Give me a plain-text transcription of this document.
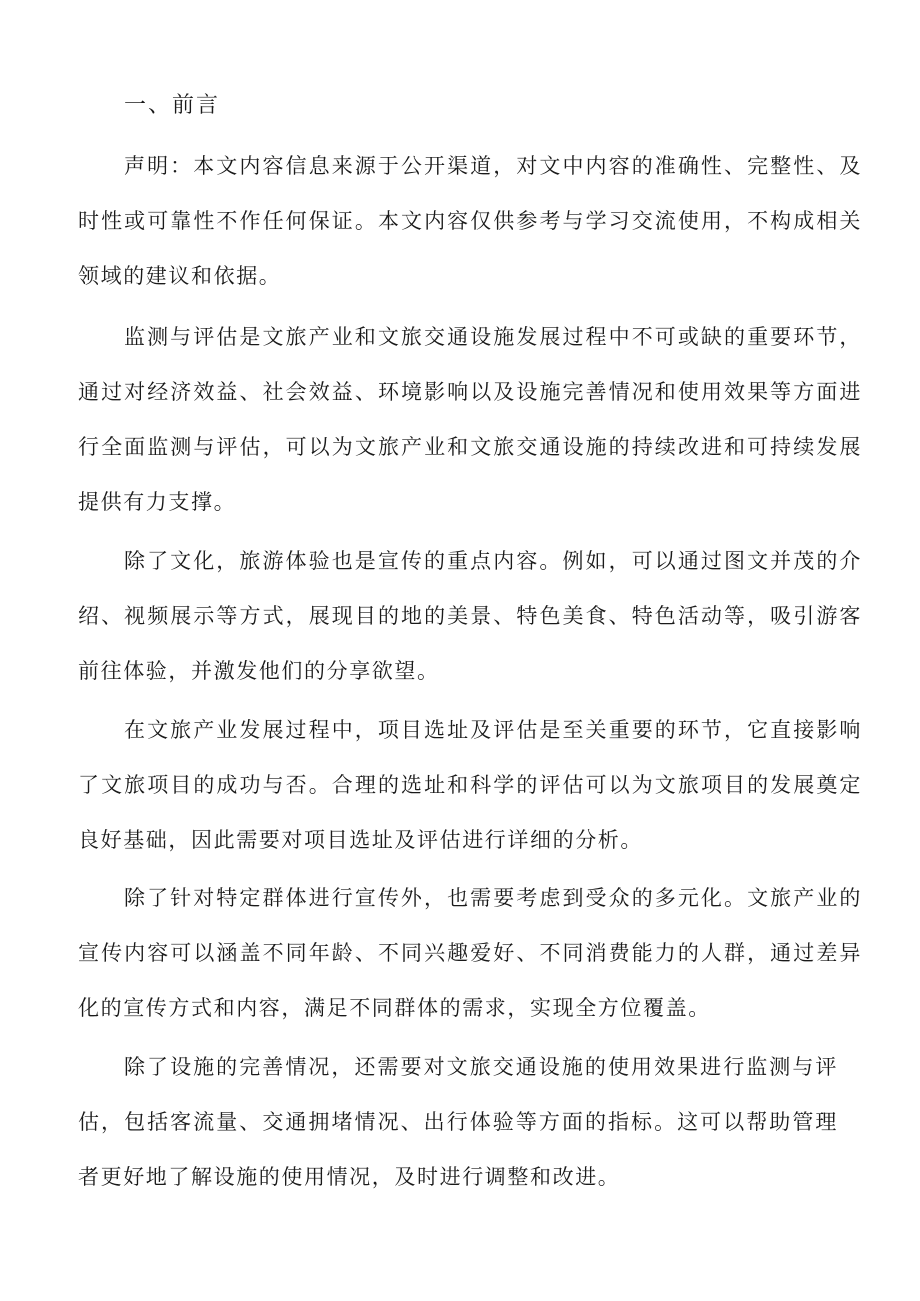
一、前言

声明：本文内容信息来源于公开渠道，对文中内容的准确性、完整性、及时性或可靠性不作任何保证。本文内容仅供参考与学习交流使用，不构成相关领域的建议和依据。

监测与评估是文旅产业和文旅交通设施发展过程中不可或缺的重要环节，通过对经济效益、社会效益、环境影响以及设施完善情况和使用效果等方面进行全面监测与评估，可以为文旅产业和文旅交通设施的持续改进和可持续发展提供有力支撑。

除了文化，旅游体验也是宣传的重点内容。例如，可以通过图文并茂的介绍、视频展示等方式，展现目的地的美景、特色美食、特色活动等，吸引游客前往体验，并激发他们的分享欲望。

在文旅产业发展过程中，项目选址及评估是至关重要的环节，它直接影响了文旅项目的成功与否。合理的选址和科学的评估可以为文旅项目的发展奠定良好基础，因此需要对项目选址及评估进行详细的分析。

除了针对特定群体进行宣传外，也需要考虑到受众的多元化。文旅产业的宣传内容可以涵盖不同年龄、不同兴趣爱好、不同消费能力的人群，通过差异化的宣传方式和内容，满足不同群体的需求，实现全方位覆盖。

除了设施的完善情况，还需要对文旅交通设施的使用效果进行监测与评估，包括客流量、交通拥堵情况、出行体验等方面的指标。这可以帮助管理者更好地了解设施的使用情况，及时进行调整和改进。
